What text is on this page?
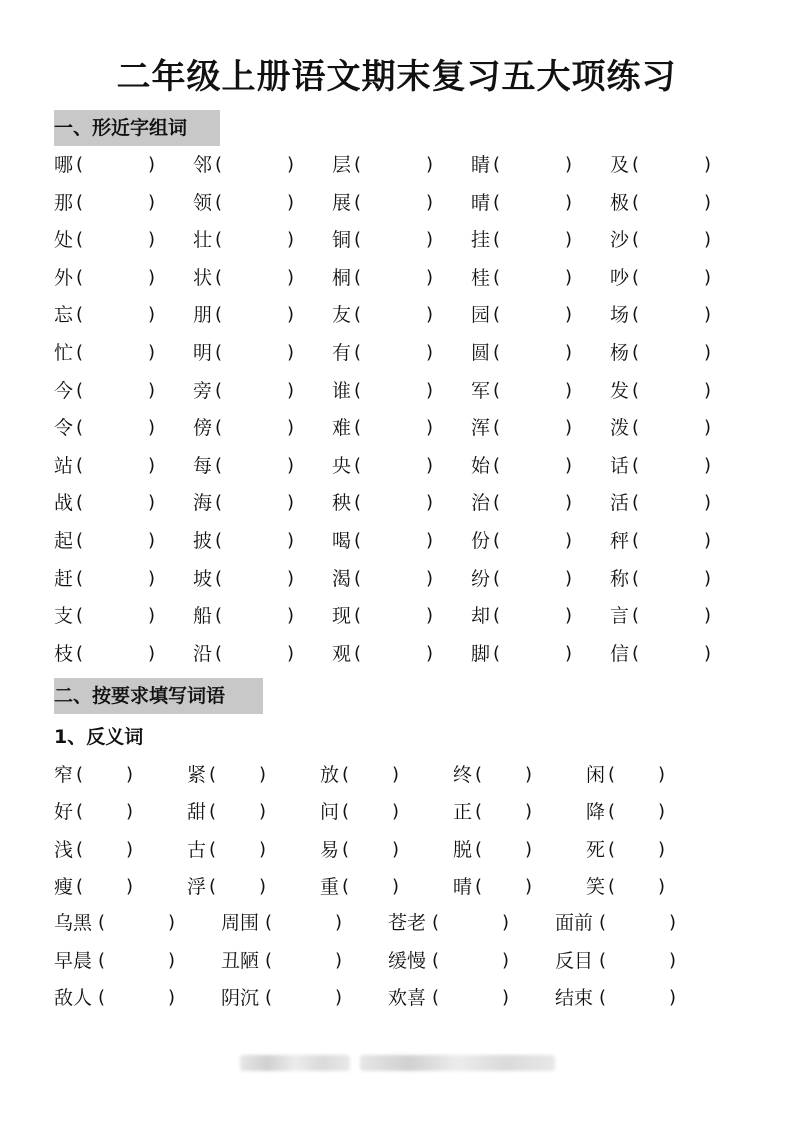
二年级上册语文期末复习五大项练习
一、形近字组词
哪 (	) 邻 (	) 层 (	) 睛 (	) 及 (	)
那 (	) 领 (	) 展 (	) 晴 (	) 极 (	)
处 (	) 壮 (	) 铜 (	) 挂 (	) 沙 (	)
外 (	) 状 (	) 桐 (	) 桂 (	) 吵 (	)
忘 (	) 朋 (	) 友 (	) 园 (	) 场 (	)
忙 (	) 明 (	) 有 (	) 圆 (	) 杨 (	)
今 (	) 旁 (	) 谁 (	) 军 (	) 发 (	)
令 (	) 傍 (	) 难 (	) 浑 (	) 泼 (	)
站 (	) 每 (	) 央 (	) 始 (	) 话 (	)
战 (	) 海 (	) 秧 (	) 治 (	) 活 (	)
起 (	) 披 (	) 喝 (	) 份 (	) 秤 (	)
赶 (	) 坡 (	) 渴 (	) 纷 (	) 称 (	)
支 (	) 船 (	) 现 (	) 却 (	) 言 (	)
枝 (	) 沿 (	) 观 (	) 脚 (	) 信 (	)
二、按要求填写词语
1、反义词
窄 ( )	紧 ( )	放 ( )	终 ( )	闲 ( )
好 ( )	甜 ( )	问 ( )	正 ( )	降 ( )
浅 ( )	古 ( )	易 ( )	脱 ( )	死 ( )
瘦 ( )	浮 ( )	重 ( )	晴 ( )	笑 ( )
乌黑 (	) 周围 (	) 苍老 (	) 面前 (	)
早晨 (	) 丑陋 (	) 缓慢 (	) 反目 (	)
敌人 (	) 阴沉 (	) 欢喜 (	) 结束 (	)
